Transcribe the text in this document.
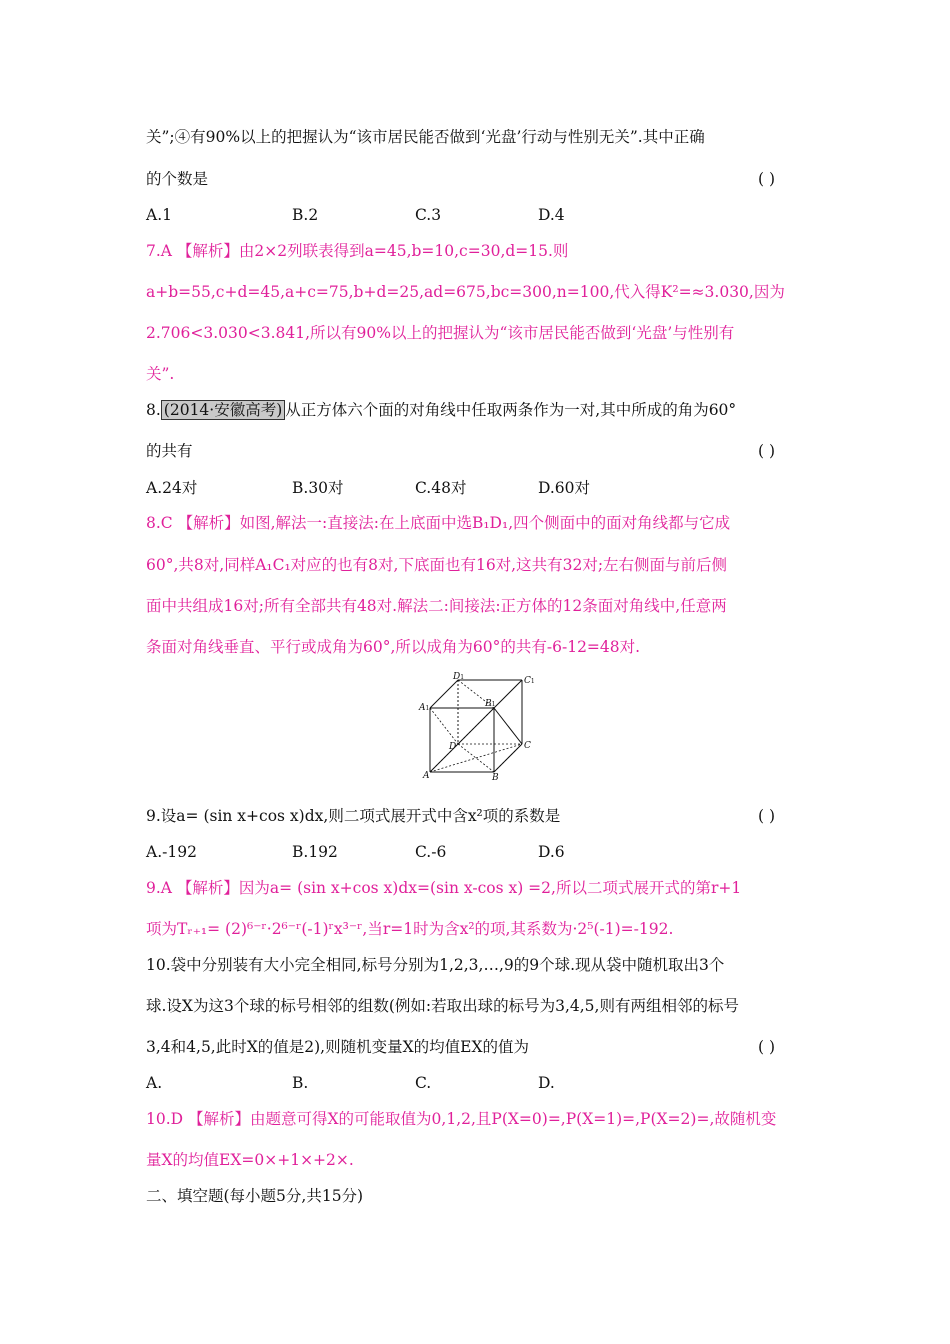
关”;④有90%以上的把握认为“该市居民能否做到‘光盘’行动与性别无关”.其中正确
的个数是	( )
A.1	B.2	C.3	D.4
7.A 【解析】由2×2列联表得到a=45,b=10,c=30,d=15.则
a+b=55,c+d=45,a+c=75,b+d=25,ad=675,bc=300,n=100,代入得K²=≈3.030,因为
2.706<3.030<3.841,所以有90%以上的把握认为“该市居民能否做到‘光盘’与性别有
关”.
8. (2014·安徽高考) 从正方体六个面的对角线中任取两条作为一对,其中所成的角为60°
的共有	( )
A.24对	B.30对	C.48对	D.60对
8.C 【解析】如图,解法一:直接法:在上底面中选B₁D₁,四个侧面中的面对角线都与它成
60°,共8对,同样A₁C₁对应的也有8对,下底面也有16对,这共有32对;左右侧面与前后侧
面中共组成16对;所有全部共有48对.解法二:间接法:正方体的12条面对角线中,任意两
条面对角线垂直、平行或成角为60°,所以成角为60°的共有-6-12=48对.
D1	C1
A1	B1
D	C
A	B
9.设a= (sin x+cos x)dx,则二项式展开式中含x²项的系数是	( )
A.-192	B.192	C.-6	D.6
9.A 【解析】因为a= (sin x+cos x)dx=(sin x-cos x) =2,所以二项式展开式的第r+1
项为Tᵣ₊₁= (2)⁶⁻ʳ·2⁶⁻ʳ(-1)ʳx³⁻ʳ,当r=1时为含x²的项,其系数为·2⁵(-1)=-192.
10.袋中分别装有大小完全相同,标号分别为1,2,3,…,9的9个球.现从袋中随机取出3个
球.设X为这3个球的标号相邻的组数(例如:若取出球的标号为3,4,5,则有两组相邻的标号
3,4和4,5,此时X的值是2),则随机变量X的均值EX的值为	( )
A.	B.	C.	D.
10.D 【解析】由题意可得X的可能取值为0,1,2,且P(X=0)=,P(X=1)=,P(X=2)=,故随机变
量X的均值EX=0×+1×+2×.
二、填空题(每小题5分,共15分)
